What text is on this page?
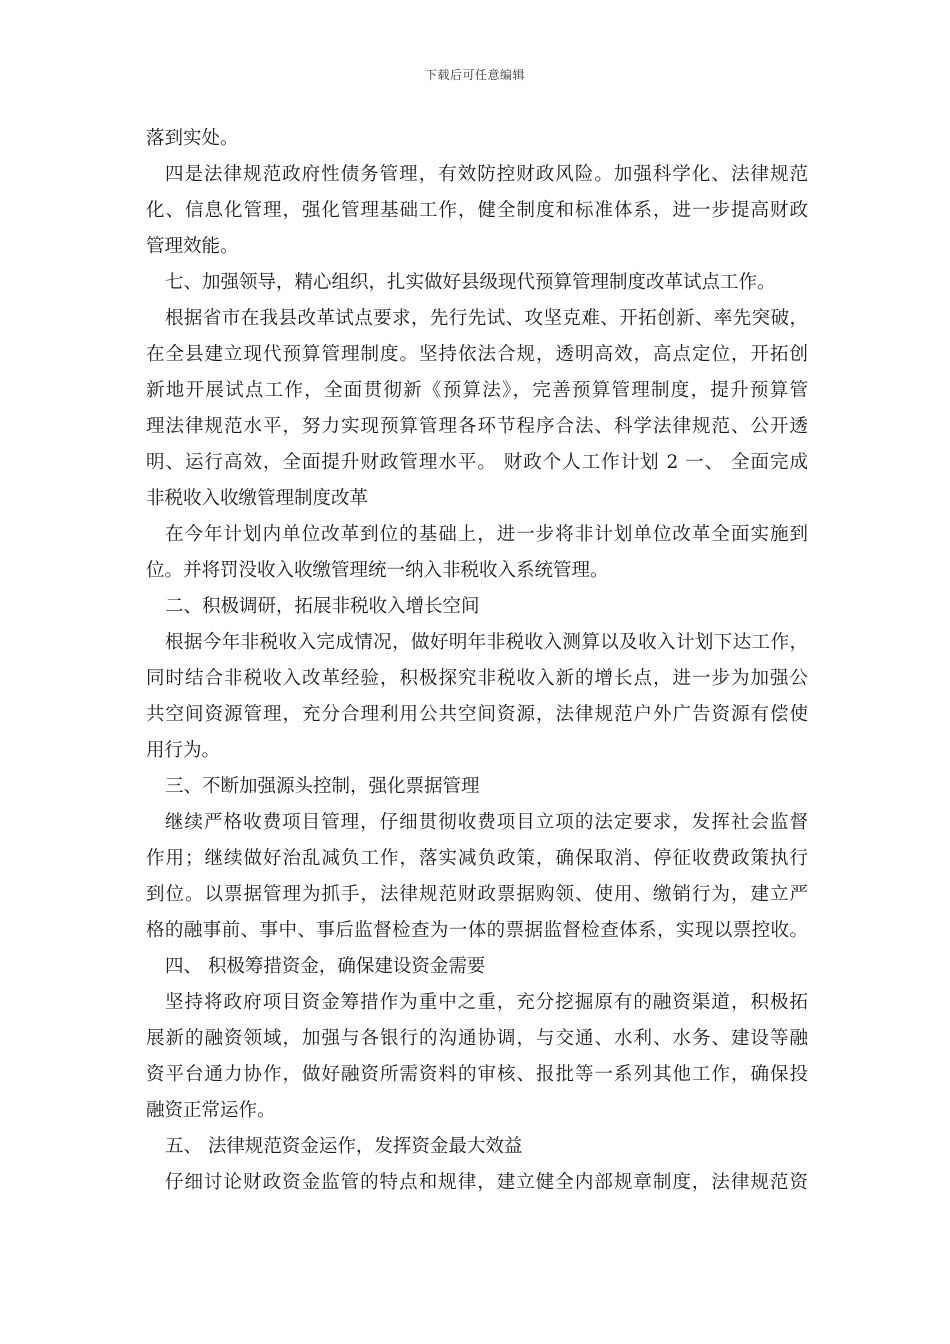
下载后可任意编辑
落到实处。
四是法律规范政府性债务管理，有效防控财政风险。加强科学化、法律规范
化、信息化管理，强化管理基础工作，健全制度和标准体系，进一步提高财政
管理效能。
七、加强领导，精心组织，扎实做好县级现代预算管理制度改革试点工作。
根据省市在我县改革试点要求，先行先试、攻坚克难、开拓创新、率先突破，
在全县建立现代预算管理制度。坚持依法合规，透明高效，高点定位，开拓创
新地开展试点工作，全面贯彻新《预算法》，完善预算管理制度，提升预算管
理法律规范水平，努力实现预算管理各环节程序合法、科学法律规范、公开透
明、运行高效，全面提升财政管理水平。 财政个人工作计划 2 一、 全面完成
非税收入收缴管理制度改革
在今年计划内单位改革到位的基础上，进一步将非计划单位改革全面实施到
位。并将罚没收入收缴管理统一纳入非税收入系统管理。
二、积极调研，拓展非税收入增长空间
根据今年非税收入完成情况，做好明年非税收入测算以及收入计划下达工作，
同时结合非税收入改革经验，积极探究非税收入新的增长点，进一步为加强公
共空间资源管理，充分合理利用公共空间资源，法律规范户外广告资源有偿使
用行为。
三、不断加强源头控制，强化票据管理
继续严格收费项目管理，仔细贯彻收费项目立项的法定要求，发挥社会监督
作用；继续做好治乱减负工作，落实减负政策，确保取消、停征收费政策执行
到位。以票据管理为抓手，法律规范财政票据购领、使用、缴销行为，建立严
格的融事前、事中、事后监督检查为一体的票据监督检查体系，实现以票控收。
四、 积极筹措资金，确保建设资金需要
坚持将政府项目资金筹措作为重中之重，充分挖掘原有的融资渠道，积极拓
展新的融资领域，加强与各银行的沟通协调，与交通、水利、水务、建设等融
资平台通力协作，做好融资所需资料的审核、报批等一系列其他工作，确保投
融资正常运作。
五、 法律规范资金运作，发挥资金最大效益
仔细讨论财政资金监管的特点和规律，建立健全内部规章制度，法律规范资
